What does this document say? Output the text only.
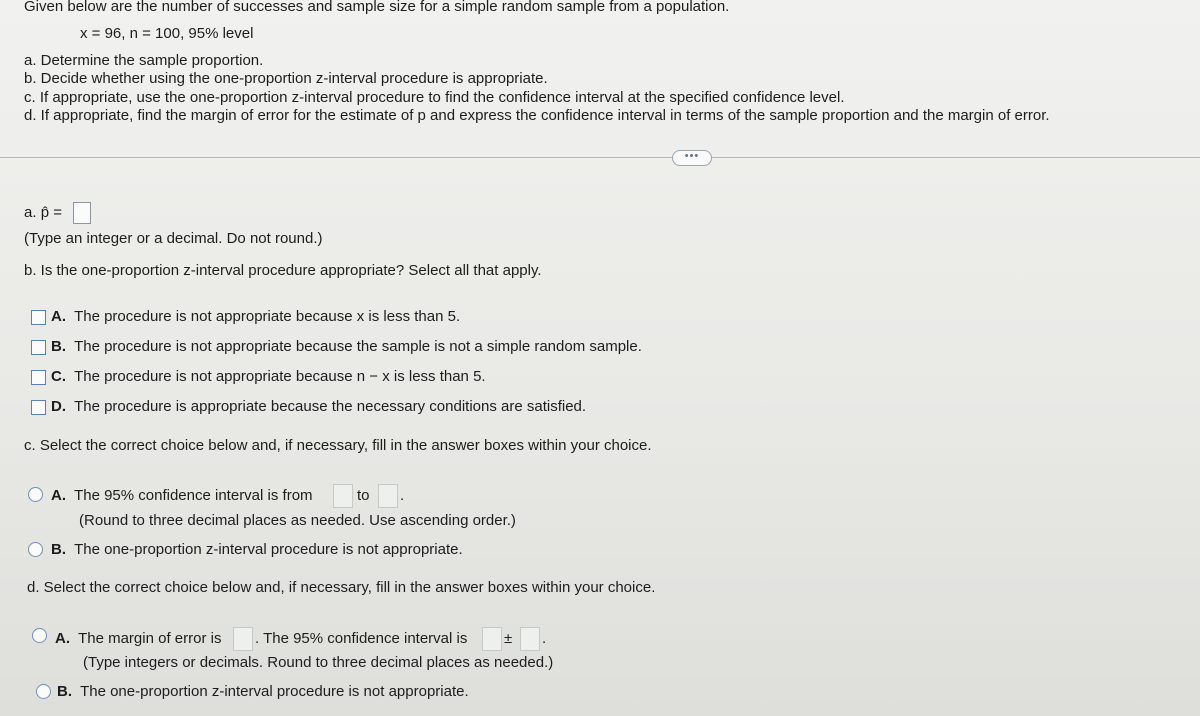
Given below are the number of successes and sample size for a simple random sample from a population.
x = 96, n = 100, 95% level
a. Determine the sample proportion.
b. Decide whether using the one-proportion z-interval procedure is appropriate.
c. If appropriate, use the one-proportion z-interval procedure to find the confidence interval at the specified confidence level.
d. If appropriate, find the margin of error for the estimate of p and express the confidence interval in terms of the sample proportion and the margin of error.
•••
a. p̂ =
(Type an integer or a decimal. Do not round.)
b. Is the one-proportion z-interval procedure appropriate? Select all that apply.
A. The procedure is not appropriate because x is less than 5.
B. The procedure is not appropriate because the sample is not a simple random sample.
C. The procedure is not appropriate because n − x is less than 5.
D. The procedure is appropriate because the necessary conditions are satisfied.
c. Select the correct choice below and, if necessary, fill in the answer boxes within your choice.
A. The 95% confidence interval is from	to .
(Round to three decimal places as needed. Use ascending order.)
B. The one-proportion z-interval procedure is not appropriate.
d. Select the correct choice below and, if necessary, fill in the answer boxes within your choice.
A. The margin of error is . The 95% confidence interval is ± .
(Type integers or decimals. Round to three decimal places as needed.)
B. The one-proportion z-interval procedure is not appropriate.
